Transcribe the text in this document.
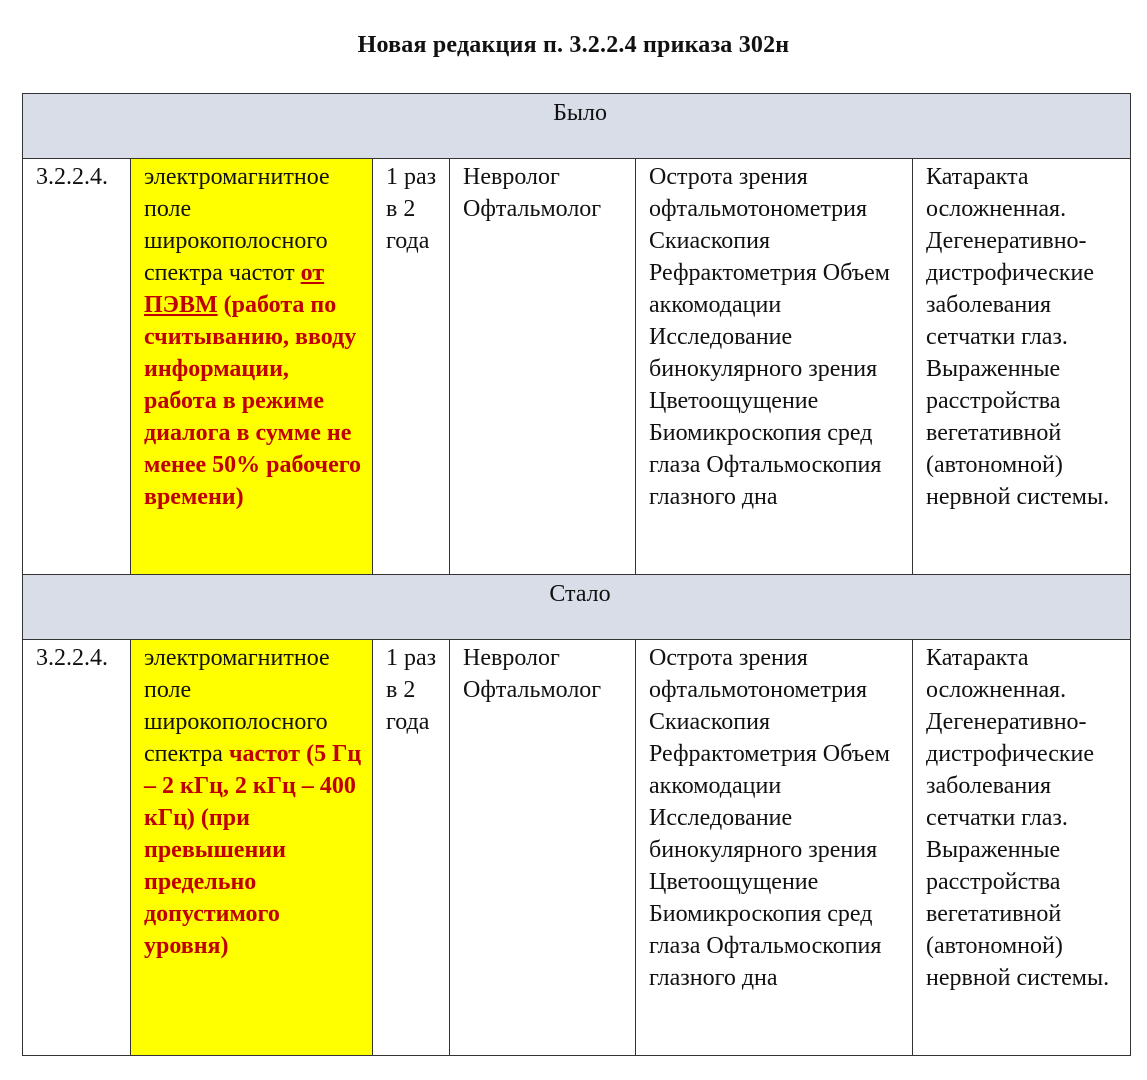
Новая редакция п. 3.2.2.4 приказа 302н
Было					
3.2.2.4.	электромагнитное поле широкополосного спектра частот от ПЭВМ (работа по считыванию, вводу информации, работа в режиме диалога в сумме не менее 50% рабочего времени)	1 раз в 2 года	Невролог Офтальмолог	Острота зрения офтальмотонометрия Скиаскопия Рефрактометрия Объем аккомодации Исследование бинокулярного зрения Цветоощущение Биомикроскопия сред глаза Офтальмоскопия глазного дна	Катаракта осложненная. Дегенеративно-дистрофические заболевания сетчатки глаз. Выраженные расстройства вегетативной (автономной) нервной системы.
Стало					
3.2.2.4.	электромагнитное поле широкополосного спектра частот (5 Гц – 2 кГц, 2 кГц – 400 кГц) (при превышении предельно допустимого уровня)	1 раз в 2 года	Невролог Офтальмолог	Острота зрения офтальмотонометрия Скиаскопия Рефрактометрия Объем аккомодации Исследование бинокулярного зрения Цветоощущение Биомикроскопия сред глаза Офтальмоскопия глазного дна	Катаракта осложненная. Дегенеративно-дистрофические заболевания сетчатки глаз. Выраженные расстройства вегетативной (автономной) нервной системы.
